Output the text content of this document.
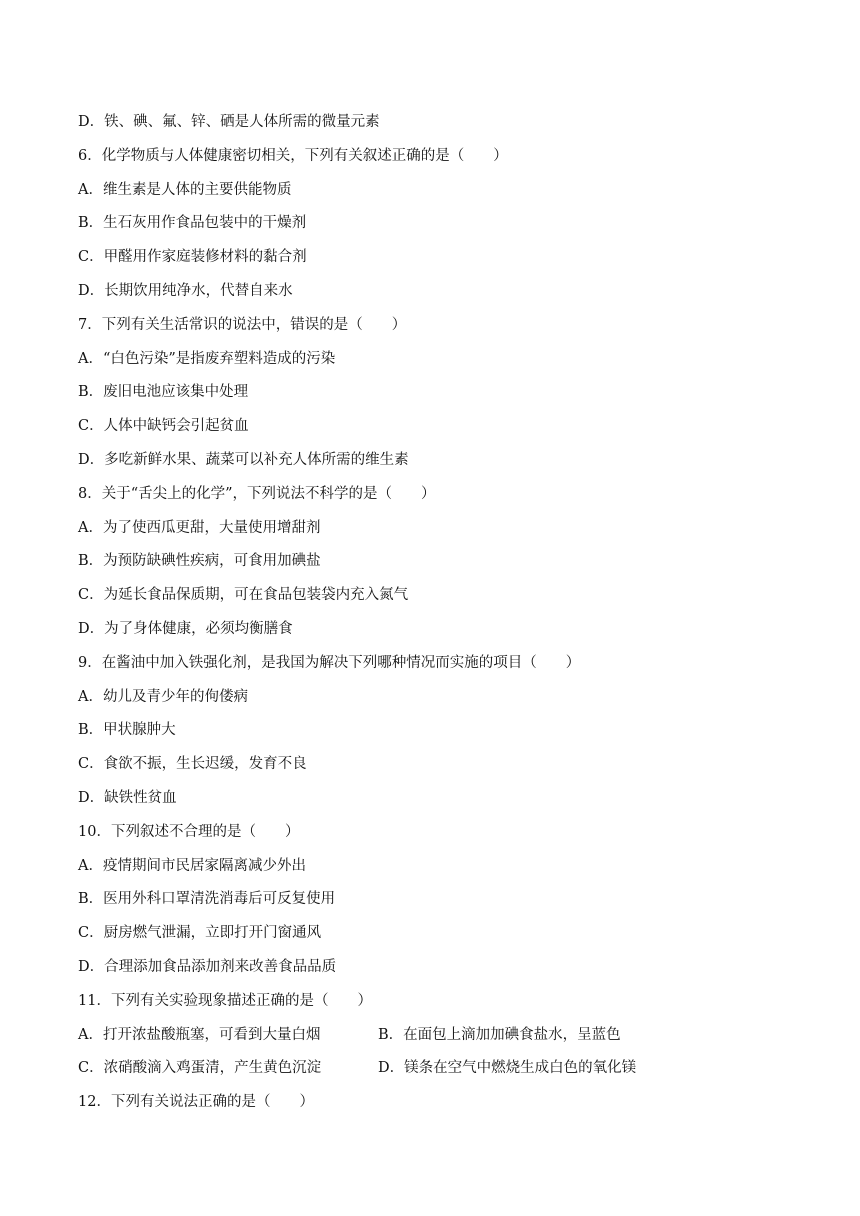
D．铁、碘、氟、锌、硒是人体所需的微量元素
6．化学物质与人体健康密切相关，下列有关叙述正确的是（　　）
A．维生素是人体的主要供能物质
B．生石灰用作食品包装中的干燥剂
C．甲醛用作家庭装修材料的黏合剂
D．长期饮用纯净水，代替自来水
7．下列有关生活常识的说法中，错误的是（　　）
A．“白色污染”是指废弃塑料造成的污染
B．废旧电池应该集中处理
C．人体中缺钙会引起贫血
D．多吃新鲜水果、蔬菜可以补充人体所需的维生素
8．关于“舌尖上的化学”，下列说法不科学的是（　　）
A．为了使西瓜更甜，大量使用增甜剂
B．为预防缺碘性疾病，可食用加碘盐
C．为延长食品保质期，可在食品包装袋内充入氮气
D．为了身体健康，必须均衡膳食
9．在酱油中加入铁强化剂，是我国为解决下列哪种情况而实施的项目（　　）
A．幼儿及青少年的佝偻病
B．甲状腺肿大
C．食欲不振，生长迟缓，发育不良
D．缺铁性贫血
10．下列叙述不合理的是（　　）
A．疫情期间市民居家隔离减少外出
B．医用外科口罩清洗消毒后可反复使用
C．厨房燃气泄漏，立即打开门窗通风
D．合理添加食品添加剂来改善食品品质
11．下列有关实验现象描述正确的是（　　）
A．打开浓盐酸瓶塞，可看到大量白烟	B．在面包上滴加加碘食盐水，呈蓝色
C．浓硝酸滴入鸡蛋清，产生黄色沉淀	D．镁条在空气中燃烧生成白色的氧化镁
12．下列有关说法正确的是（　　）
